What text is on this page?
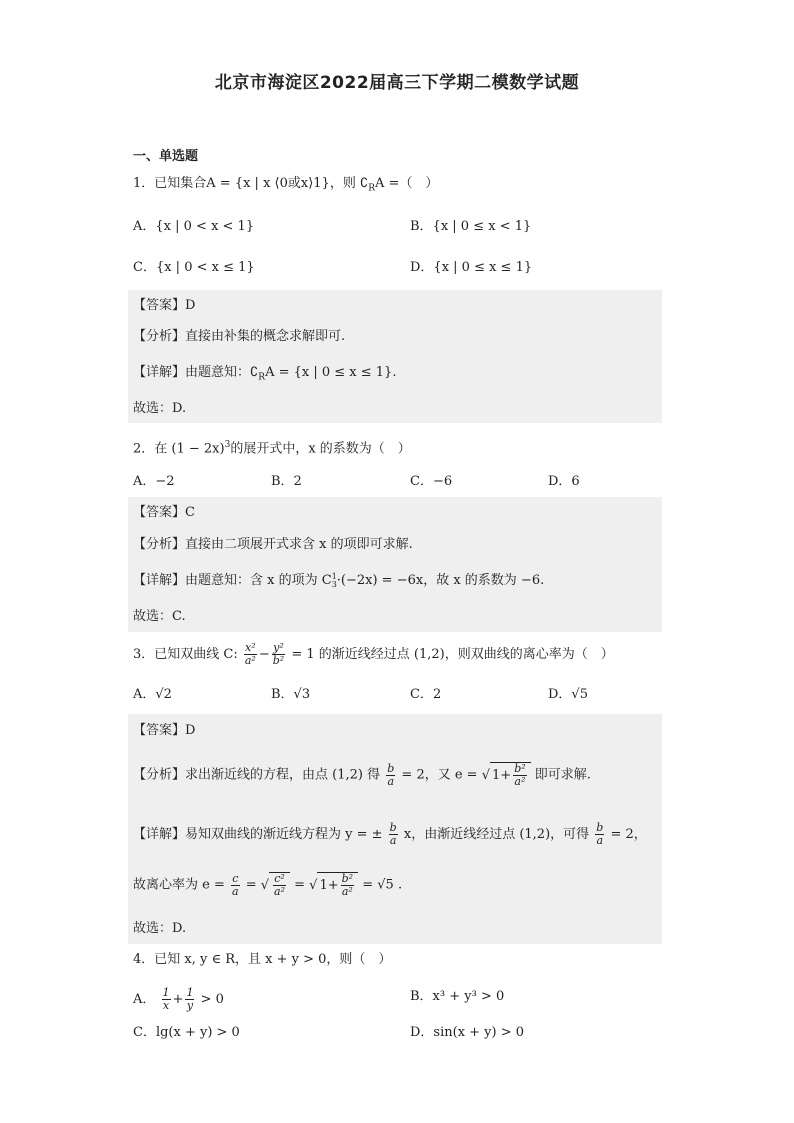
北京市海淀区2022届高三下学期二模数学试题
一、单选题
1．已知集合A = {x | x ⟨0或x⟩1}，则 $∁_RA$ =（　）
A．{x | 0 < x < 1}	B．{x | 0 ≤ x < 1}
C．{x | 0 < x ≤ 1}	D．{x | 0 ≤ x ≤ 1}
【答案】D
【分析】直接由补集的概念求解即可.
【详解】由题意知：$∁_RA = \{x$ | 0 ≤ x ≤ 1}.
故选：D.
2．在 $(1 - 2x)^3$的展开式中，x 的系数为（　）
A．−2	B．2	C．−6	D．6
【答案】C
【分析】直接由二项展开式求含 x 的项即可求解.
【详解】由题意知：含 x 的项为 C 1
3 ·(−2x) = −6x，故 x 的系数为 −6.
故选：C.
3．已知双曲线 C: $\frac{\text{x²}}{\text{a²}} - \frac{\text{y²}}{\text{b²}} = 1$ 的渐近线经过点 (1,2)，则双曲线的离心率为（　）
A．√2	B．√3	C．2	D．√5
【答案】D
【分析】求出渐近线的方程，由点 (1,2) 得 $\frac{b}{a} = 2$，又 e = √ $1+ \frac{\text{b²}}{\text{a²}}$ 即可求解.
【详解】易知双曲线的渐近线方程为 y = ± $\frac{b}{a}$ x，由渐近线经过点 (1,2)，可得 $\frac{b}{a} = 2$，
故离心率为 $e = \frac{c}{a}$ = √ $\frac{\text{c²}}{\text{a²}}$ = √ $1+ \frac{\text{b²}}{\text{a²}} = √5$ .
故选：D.
4．已知 x, y ∈ R，且 x + y > 0，则（　）
A． $\frac{1}{x} + \frac{1}{y} > 0$	B．x³ + y³ > 0
C．lg(x + y) > 0	D．sin(x + y) > 0
